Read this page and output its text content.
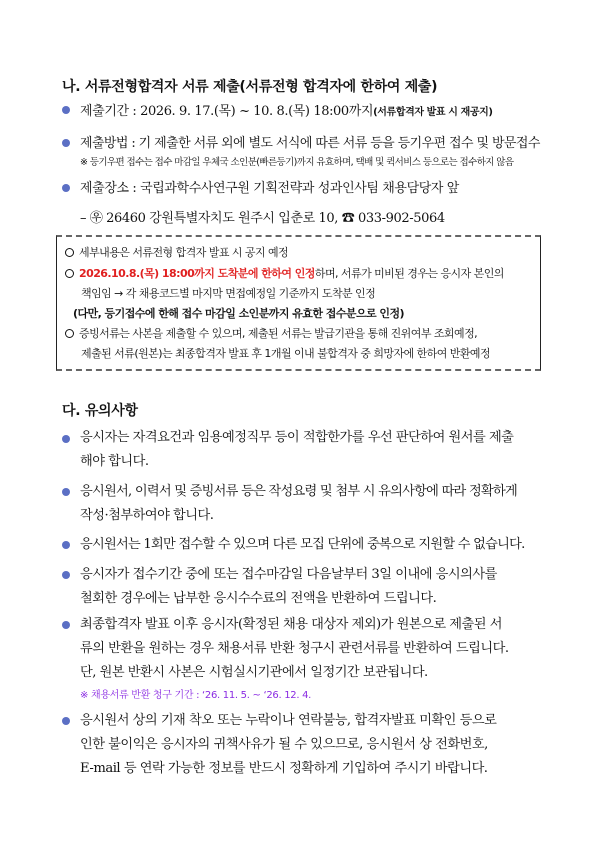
나. 서류전형합격자 서류 제출(서류전형 합격자에 한하여 제출)
제출기간 : 2026. 9. 17.(목) ~ 10. 8.(목) 18:00까지(서류합격자 발표 시 재공지)
제출방법 : 기 제출한 서류 외에 별도 서식에 따른 서류 등을 등기우편 접수 및 방문접수
※ 등기우편 접수는 접수 마감일 우체국 소인분(빠른등기)까지 유효하며, 택배 및 퀵서비스 등으로는 접수하지 않음
제출장소 : 국립과학수사연구원 기획전략과 성과인사팀 채용담당자 앞
– ㉾ 26460 강원특별자치도 원주시 입춘로 10, ☎ 033-902-5064
세부내용은 서류전형 합격자 발표 시 공지 예정
2026.10.8.(목) 18:00까지 도착분에 한하여 인정하며, 서류가 미비된 경우는 응시자 본인의
책임임 → 각 채용코드별 마지막 면접예정일 기준까지 도착분 인정
(다만, 등기접수에 한해 접수 마감일 소인분까지 유효한 접수분으로 인정)
증빙서류는 사본을 제출할 수 있으며, 제출된 서류는 발급기관을 통해 진위여부 조회예정,
제출된 서류(원본)는 최종합격자 발표 후 1개월 이내 불합격자 중 희망자에 한하여 반환예정
다. 유의사항
응시자는 자격요건과 임용예정직무 등이 적합한가를 우선 판단하여 원서를 제출
해야 합니다.
응시원서, 이력서 및 증빙서류 등은 작성요령 및 첨부 시 유의사항에 따라 정확하게
작성·첨부하여야 합니다.
응시원서는 1회만 접수할 수 있으며 다른 모집 단위에 중복으로 지원할 수 없습니다.
응시자가 접수기간 중에 또는 접수마감일 다음날부터 3일 이내에 응시의사를
철회한 경우에는 납부한 응시수수료의 전액을 반환하여 드립니다.
최종합격자 발표 이후 응시자(확정된 채용 대상자 제외)가 원본으로 제출된 서
류의 반환을 원하는 경우 채용서류 반환 청구시 관련서류를 반환하여 드립니다.
단, 원본 반환시 사본은 시험실시기관에서 일정기간 보관됩니다.
※ 채용서류 반환 청구 기간 : ‘26. 11. 5. ~ ‘26. 12. 4.
응시원서 상의 기재 착오 또는 누락이나 연락불능, 합격자발표 미확인 등으로
인한 불이익은 응시자의 귀책사유가 될 수 있으므로, 응시원서 상 전화번호,
E-mail 등 연락 가능한 정보를 반드시 정확하게 기입하여 주시기 바랍니다.
